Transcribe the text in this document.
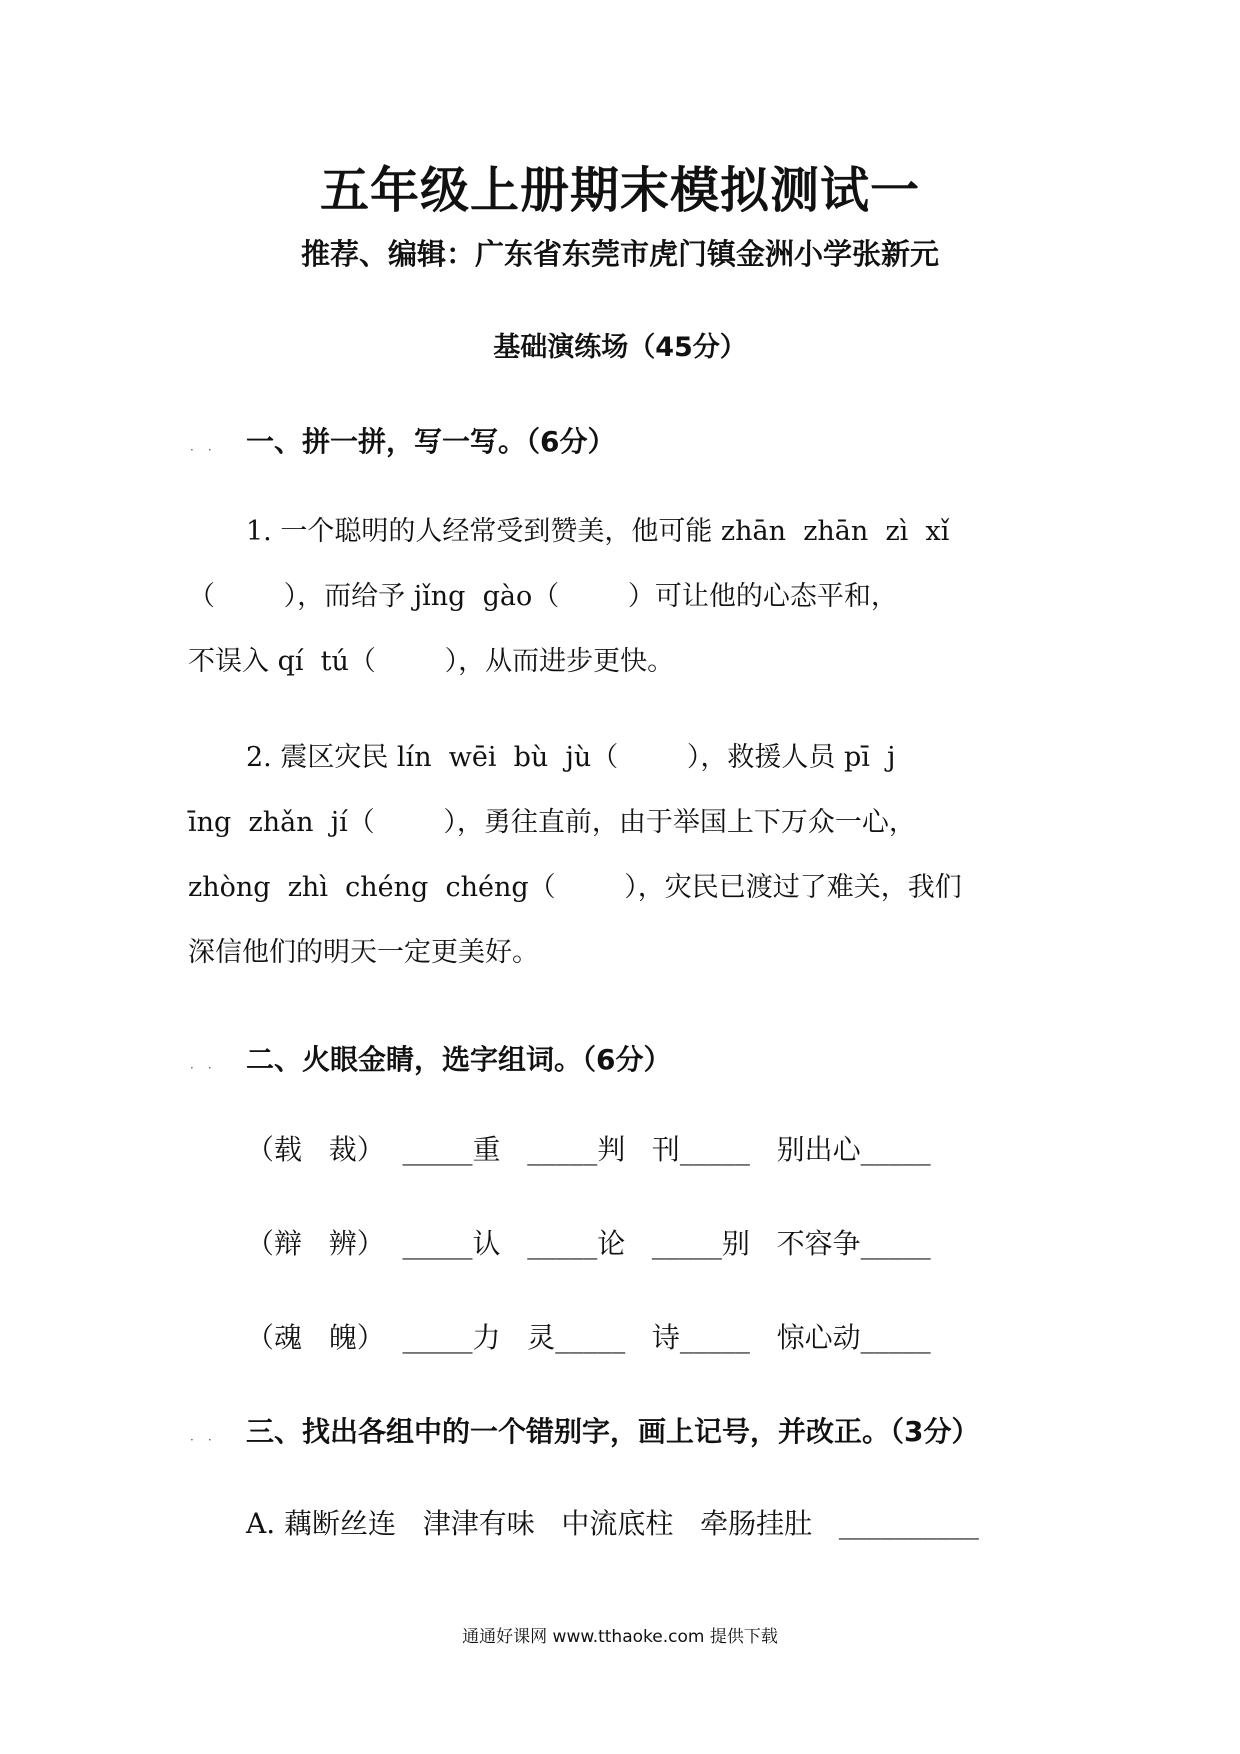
五年级上册期末模拟测试一
推荐、编辑：广东省东莞市虎门镇金洲小学张新元
基础演练场（45分）
·· 一、拼一拼，写一写。（6分）
1. 一个聪明的人经常受到赞美，他可能 zhān  zhān  zì  xǐ
（        ），而给予 jǐng  gào（        ）可让他的心态平和，
不误入 qí  tú（        ），从而进步更快。
2. 震区灾民 lín  wēi  bù  jù（        ），救援人员 pī  j
īng  zhǎn  jí（        ），勇往直前，由于举国上下万众一心，
zhòng  zhì  chéng  chéng（        ），灾民已渡过了难关，我们
深信他们的明天一定更美好。
·· 二、火眼金睛，选字组词。（6分）
（载   裁）  _____重   _____判   刊_____   别出心_____
（辩   辨）  _____认   _____论   _____别   不容争_____
（魂   魄）  _____力   灵_____   诗_____   惊心动_____
·· 三、找出各组中的一个错别字，画上记号，并改正。（3分）
A. 藕断丝连   津津有味   中流底柱   牵肠挂肚   __________
通通好课网 www.tthaoke.com 提供下载
